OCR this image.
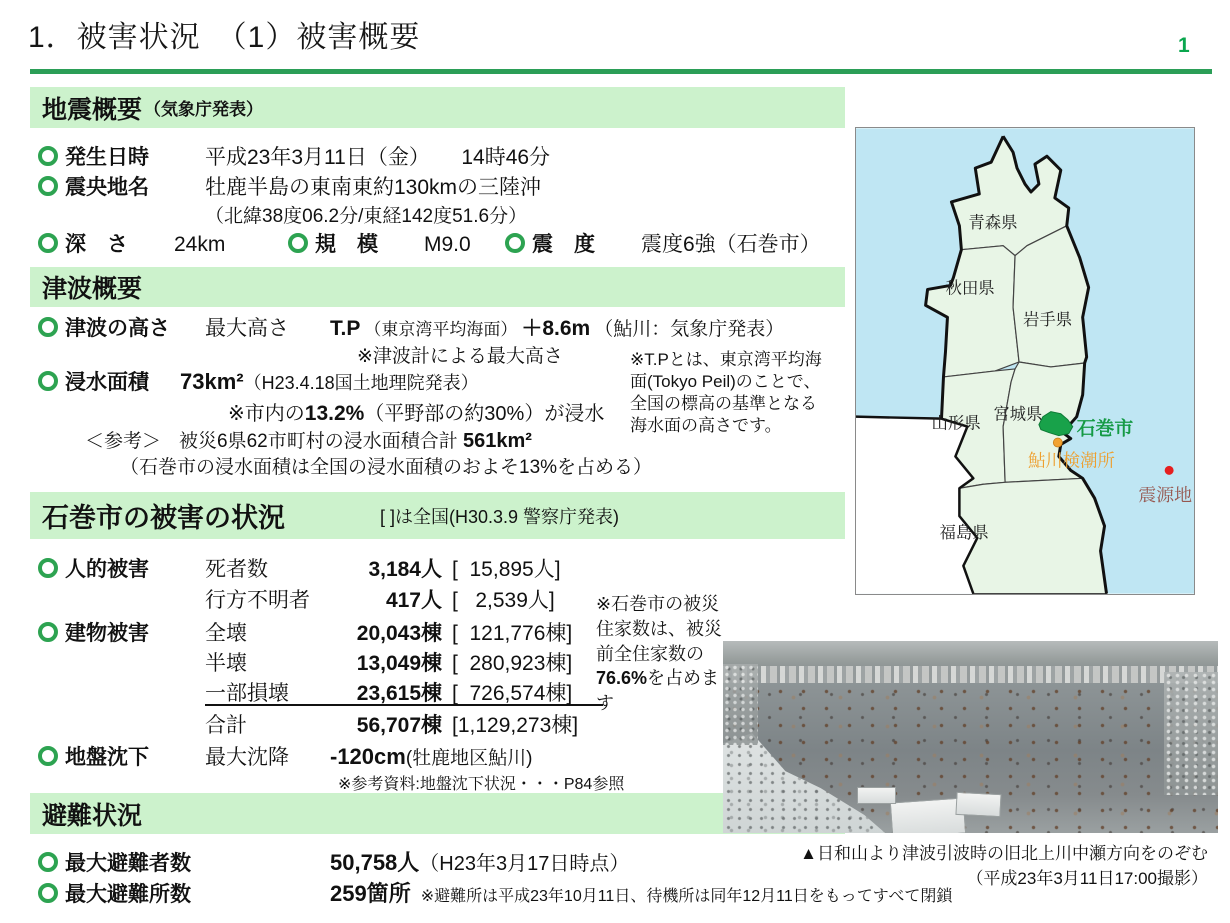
1．被害状況　（1）被害概要	1
地震概要 （気象庁発表）
発生日時	平成23年3月11日（金）　　14時46分
震央地名	牡鹿半島の東南東約130kmの三陸沖
（北緯38度06.2分/東経142度51.6分）
深　さ	24km	規　模	M9.0	震　度	震度6強（石巻市）
津波概要
津波の高さ 最大高さ	T.P （東京湾平均海面） ＋8.6m （鮎川：気象庁発表）
※津波計による最大高さ
浸水面積 73km² （H23.4.18国土地理院発表）
※市内の 13.2% （平野部の約30%）が浸水
＜参考＞ 被災6県62市町村の浸水面積合計 561km²
（石巻市の浸水面積は全国の浸水面積のおよそ13%を占める）
※T.Pとは、東京湾平均海面(Tokyo Peil)のことで、全国の標高の基準となる海水面の高さです。
石巻市の被害の状況	[ ]は全国(H30.3.9 警察庁発表)
人的被害	死者数	3,184人 [  15,895人]
行方不明者	417人 [   2,539人]
建物被害	全壊	20,043棟 [  121,776棟]
半壊	13,049棟 [  280,923棟]
一部損壊	23,615棟 [  726,574棟]
合計	56,707棟 [1,129,273棟]
※石巻市の被災住家数は、被災前全住家数の76.6%を占めます
地盤沈下	最大沈降	-120cm (牡鹿地区鮎川)
※参考資料:地盤沈下状況・・・P84参照
避難状況
最大避難者数	50,758人 （H23年3月17日時点）
最大避難所数	259箇所 ※避難所は平成23年10月11日、待機所は同年12月11日をもってすべて閉鎖
青森県
秋田県
岩手県
山形県 宮城県
福島県
石巻市
鮎川検潮所
震源地
▲日和山より津波引波時の旧北上川中瀬方向をのぞむ
（平成23年3月11日17:00撮影）
